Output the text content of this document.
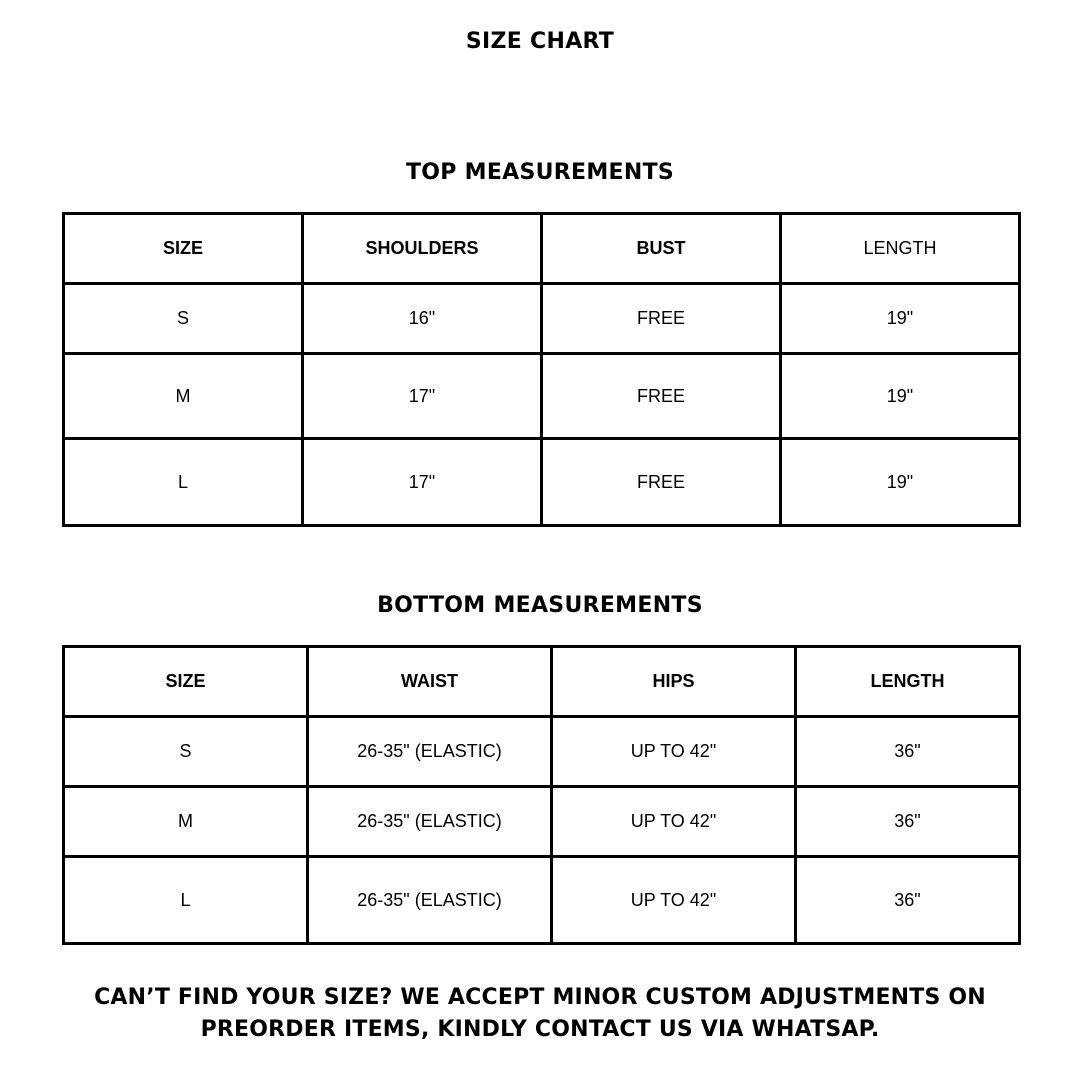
SIZE CHART
TOP MEASUREMENTS
SIZE	SHOULDERS	BUST	LENGTH
S	16"	FREE	19"
M	17"	FREE	19"
L	17"	FREE	19"
BOTTOM MEASUREMENTS
SIZE	WAIST	HIPS	LENGTH
S	26-35" (ELASTIC)	UP TO 42"	36"
M	26-35" (ELASTIC)	UP TO 42"	36"
L	26-35" (ELASTIC)	UP TO 42"	36"
CAN’T FIND YOUR SIZE? WE ACCEPT MINOR CUSTOM ADJUSTMENTS ON
PREORDER ITEMS, KINDLY CONTACT US VIA WHATSAP.
